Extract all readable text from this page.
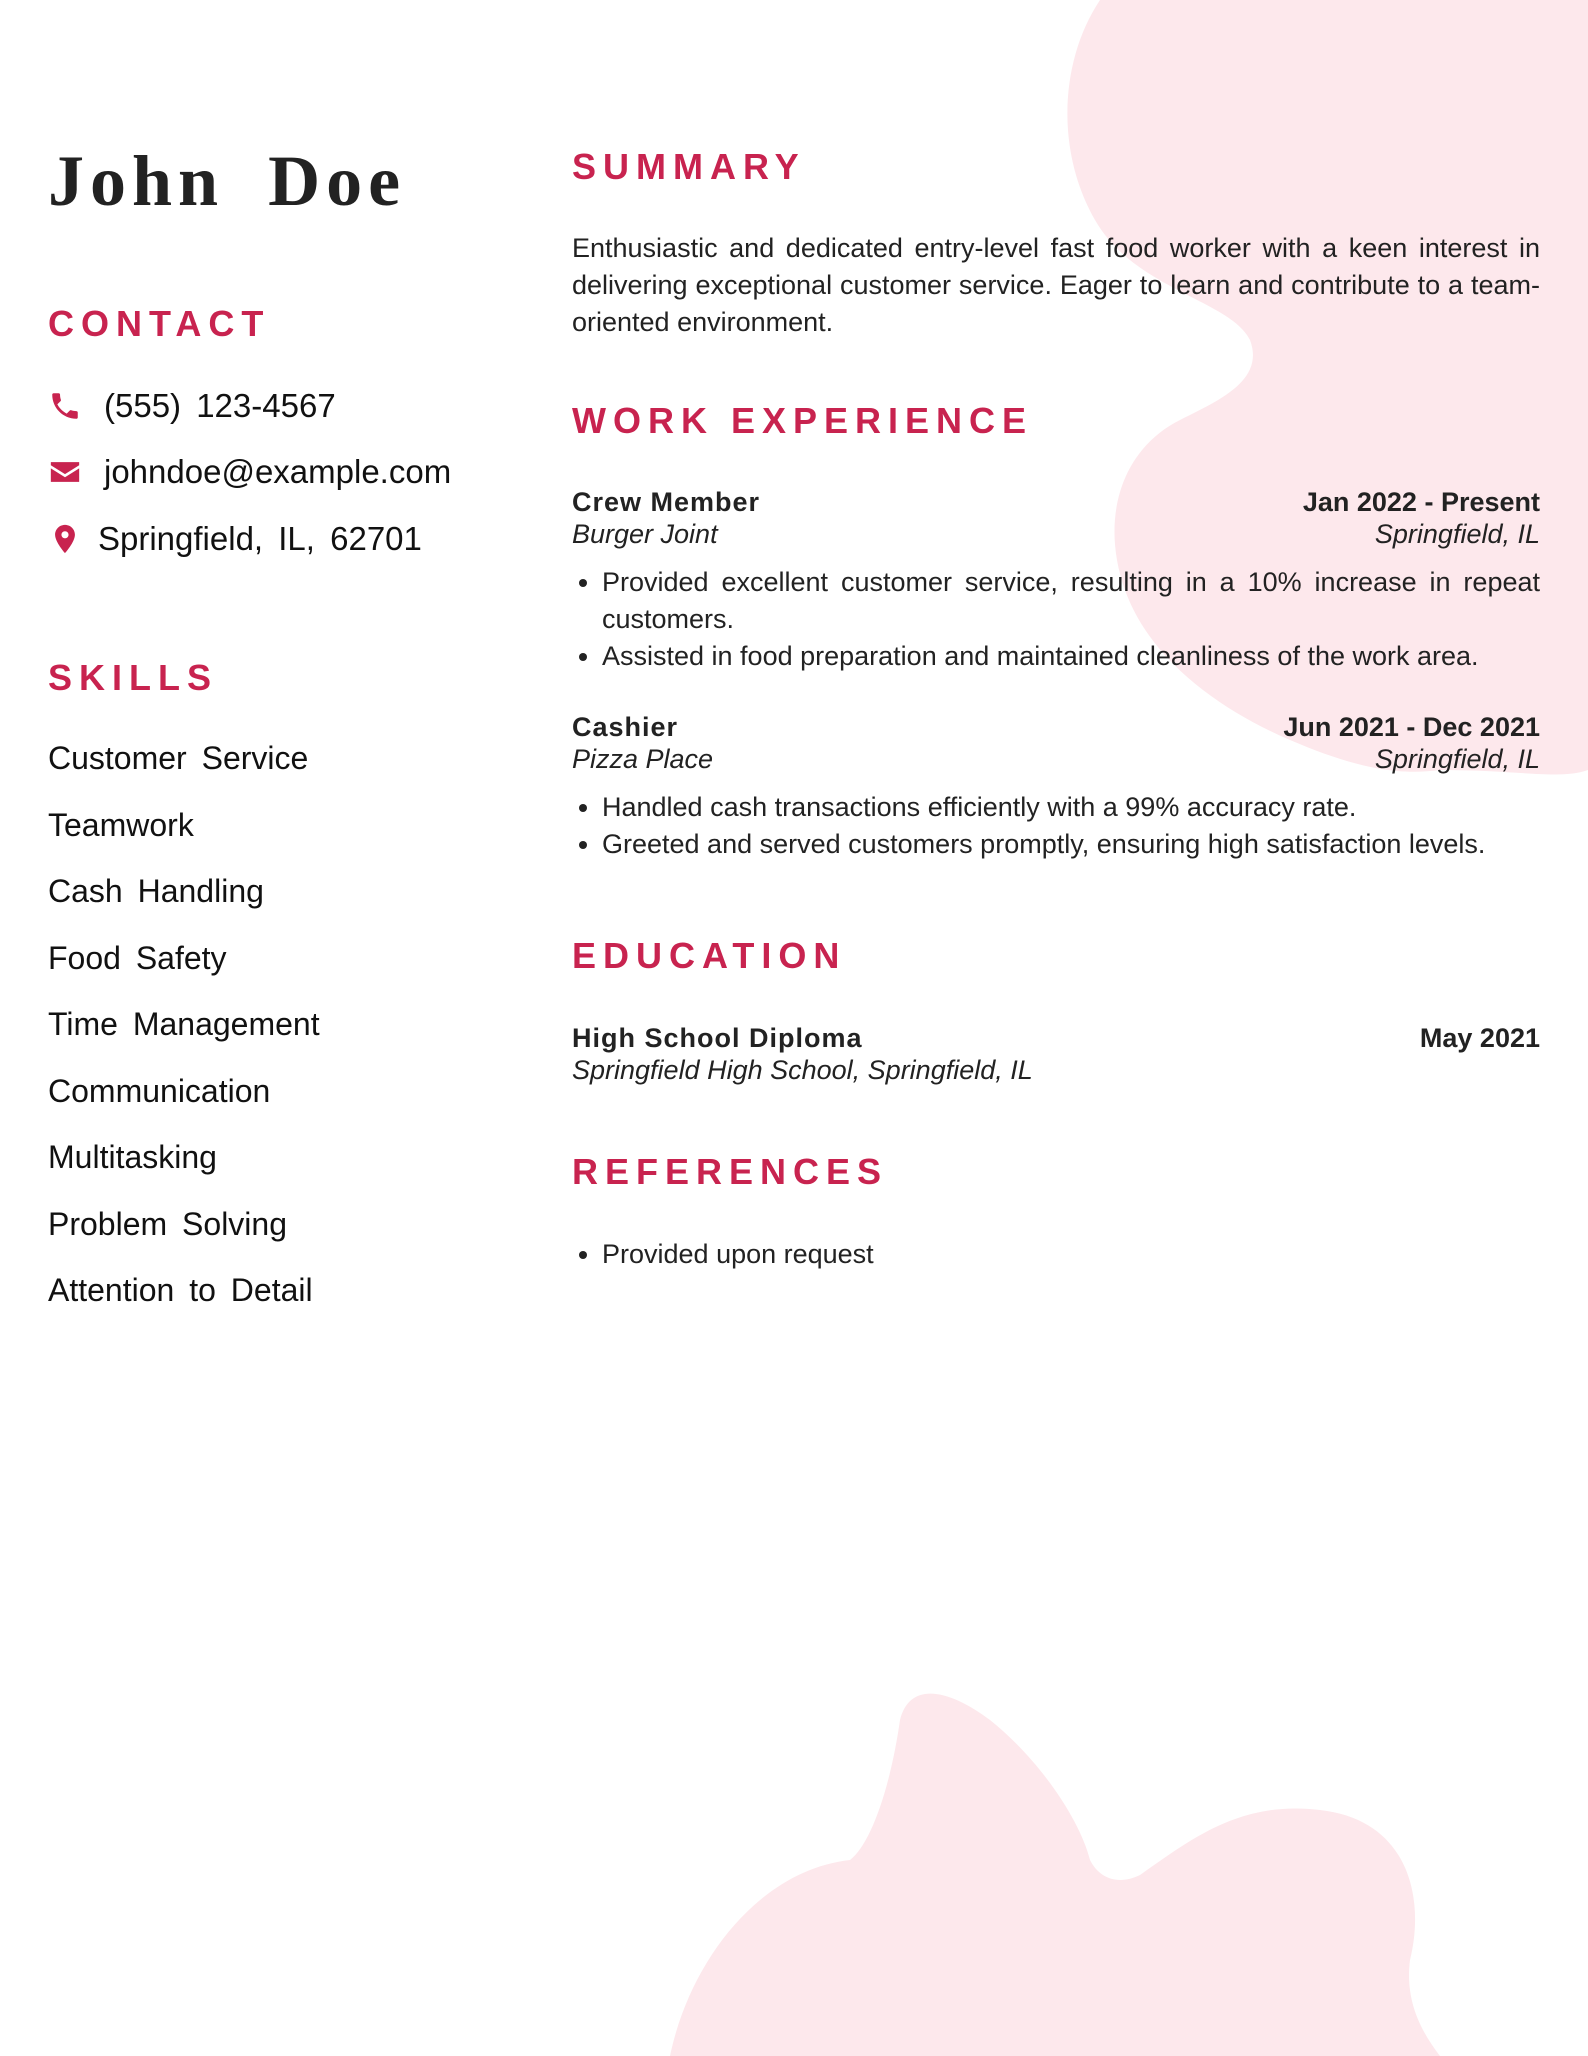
John Doe
CONTACT
(555) 123-4567
johndoe@example.com
Springfield, IL, 62701
SKILLS
Customer Service
Teamwork
Cash Handling
Food Safety
Time Management
Communication
Multitasking
Problem Solving
Attention to Detail
SUMMARY

Enthusiastic and dedicated entry-level fast food worker with a keen interest in delivering exceptional customer service. Eager to learn and contribute to a team-oriented environment.

WORK EXPERIENCE
Crew Member	Jan 2022 - Present
Burger Joint	Springfield, IL
• Provided excellent customer service, resulting in a 10% increase in repeat customers.
• Assisted in food preparation and maintained cleanliness of the work area.
Cashier	Jun 2021 - Dec 2021
Pizza Place	Springfield, IL
• Handled cash transactions efficiently with a 99% accuracy rate.
• Greeted and served customers promptly, ensuring high satisfaction levels.
EDUCATION
High School Diploma	May 2021
Springfield High School, Springfield, IL
REFERENCES
• Provided upon request
